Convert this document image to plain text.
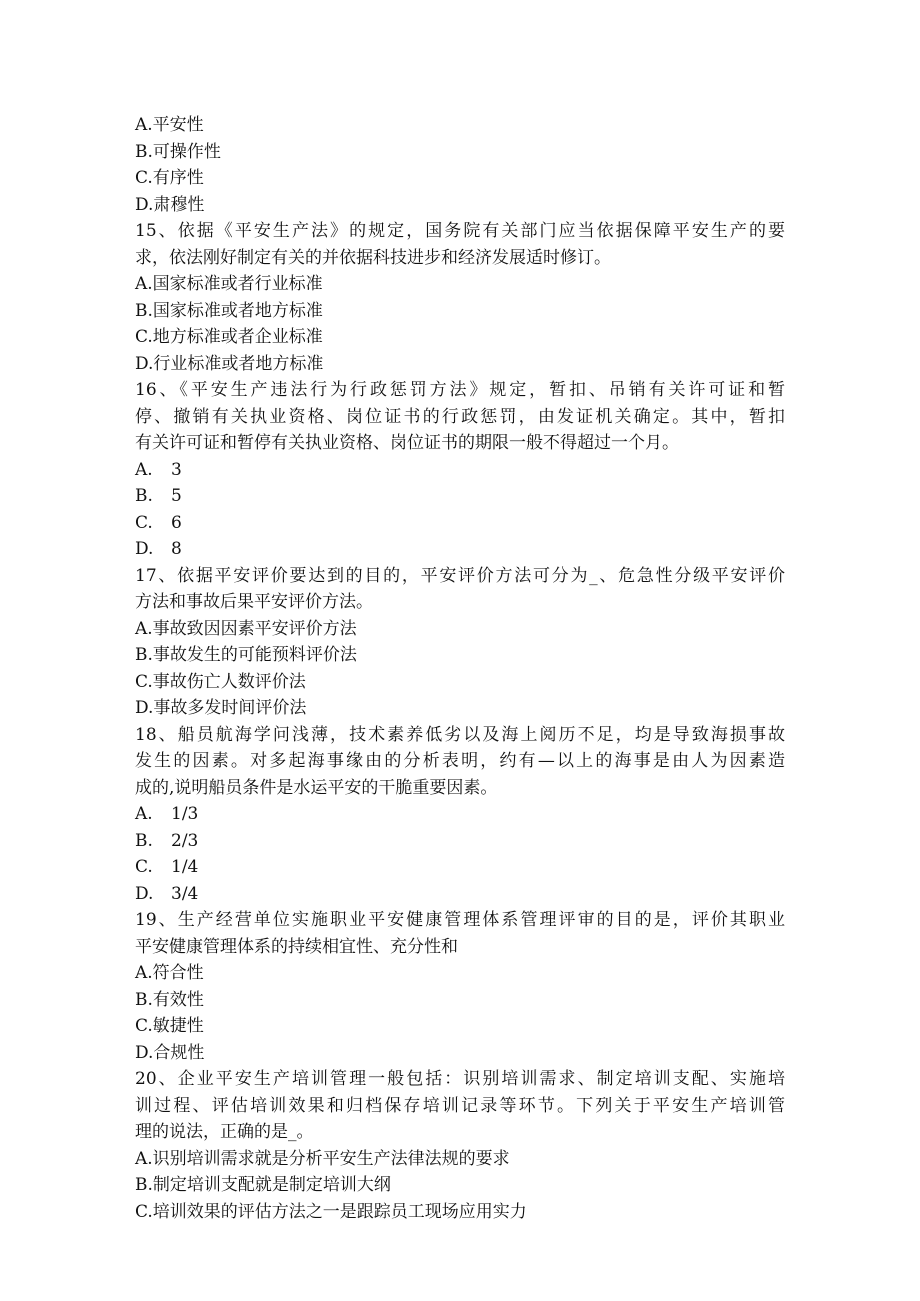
A.平安性
B.可操作性
C.有序性
D.肃穆性
15、依据《平安生产法》的规定，国务院有关部门应当依据保障平安生产的要
求，依法刚好制定有关的并依据科技进步和经济发展适时修订。
A.国家标准或者行业标准
B.国家标准或者地方标准
C.地方标准或者企业标准
D.行业标准或者地方标准
16、《平安生产违法行为行政惩罚方法》规定，暂扣、吊销有关许可证和暂
停、撤销有关执业资格、岗位证书的行政惩罚，由发证机关确定。其中，暂扣
有关许可证和暂停有关执业资格、岗位证书的期限一般不得超过一个月。
A. 3
B. 5
C. 6
D. 8
17、依据平安评价要达到的目的，平安评价方法可分为_、危急性分级平安评价
方法和事故后果平安评价方法。
A.事故致因因素平安评价方法
B.事故发生的可能预料评价法
C.事故伤亡人数评价法
D.事故多发时间评价法
18、船员航海学问浅薄，技术素养低劣以及海上阅历不足，均是导致海损事故
发生的因素。对多起海事缘由的分析表明，约有—以上的海事是由人为因素造
成的,说明船员条件是水运平安的干脆重要因素。
A. 1/3
B. 2/3
C. 1/4
D. 3/4
19、生产经营单位实施职业平安健康管理体系管理评审的目的是，评价其职业
平安健康管理体系的持续相宜性、充分性和
A.符合性
B.有效性
C.敏捷性
D.合规性
20、企业平安生产培训管理一般包括：识别培训需求、制定培训支配、实施培
训过程、评估培训效果和归档保存培训记录等环节。下列关于平安生产培训管
理的说法，正确的是_。
A.识别培训需求就是分析平安生产法律法规的要求
B.制定培训支配就是制定培训大纲
C.培训效果的评估方法之一是跟踪员工现场应用实力
